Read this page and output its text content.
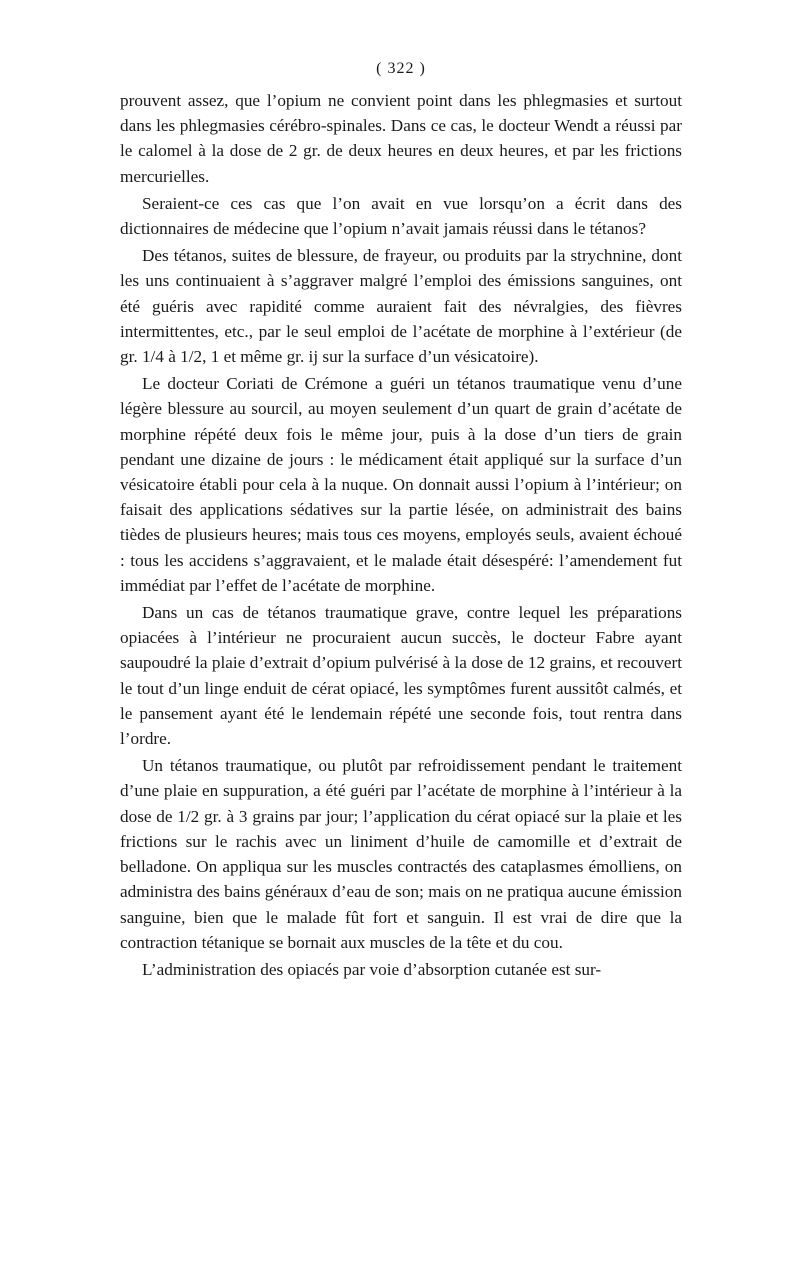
( 322 )

prouvent assez, que l’opium ne convient point dans les phlegmasies et surtout dans les phlegmasies cérébro-spinales. Dans ce cas, le docteur Wendt a réussi par le calomel à la dose de 2 gr. de deux heures en deux heures, et par les frictions mercurielles.

Seraient-ce ces cas que l’on avait en vue lorsqu’on a écrit dans des dictionnaires de médecine que l’opium n’avait jamais réussi dans le tétanos?

Des tétanos, suites de blessure, de frayeur, ou produits par la strychnine, dont les uns continuaient à s’aggraver malgré l’emploi des émissions sanguines, ont été guéris avec rapidité comme auraient fait des névralgies, des fièvres intermittentes, etc., par le seul emploi de l’acétate de morphine à l’extérieur (de gr. 1/4 à 1/2, 1 et même gr. ij sur la surface d’un vésicatoire).

Le docteur Coriati de Crémone a guéri un tétanos traumatique venu d’une légère blessure au sourcil, au moyen seulement d’un quart de grain d’acétate de morphine répété deux fois le même jour, puis à la dose d’un tiers de grain pendant une dizaine de jours : le médicament était appliqué sur la surface d’un vésicatoire établi pour cela à la nuque. On donnait aussi l’opium à l’intérieur; on faisait des applications sédatives sur la partie lésée, on administrait des bains tièdes de plusieurs heures; mais tous ces moyens, employés seuls, avaient échoué : tous les accidens s’aggravaient, et le malade était désespéré: l’amendement fut immédiat par l’effet de l’acétate de morphine.

Dans un cas de tétanos traumatique grave, contre lequel les préparations opiacées à l’intérieur ne procuraient aucun succès, le docteur Fabre ayant saupoudré la plaie d’extrait d’opium pulvérisé à la dose de 12 grains, et recouvert le tout d’un linge enduit de cérat opiacé, les symptômes furent aussitôt calmés, et le pansement ayant été le lendemain répété une seconde fois, tout rentra dans l’ordre.

Un tétanos traumatique, ou plutôt par refroidissement pendant le traitement d’une plaie en suppuration, a été guéri par l’acétate de morphine à l’intérieur à la dose de 1/2 gr. à 3 grains par jour; l’application du cérat opiacé sur la plaie et les frictions sur le rachis avec un liniment d’huile de camomille et d’extrait de belladone. On appliqua sur les muscles contractés des cataplasmes émolliens, on administra des bains généraux d’eau de son; mais on ne pratiqua aucune émission sanguine, bien que le malade fût fort et sanguin. Il est vrai de dire que la contraction tétanique se bornait aux muscles de la tête et du cou.

L’administration des opiacés par voie d’absorption cutanée est sur-
